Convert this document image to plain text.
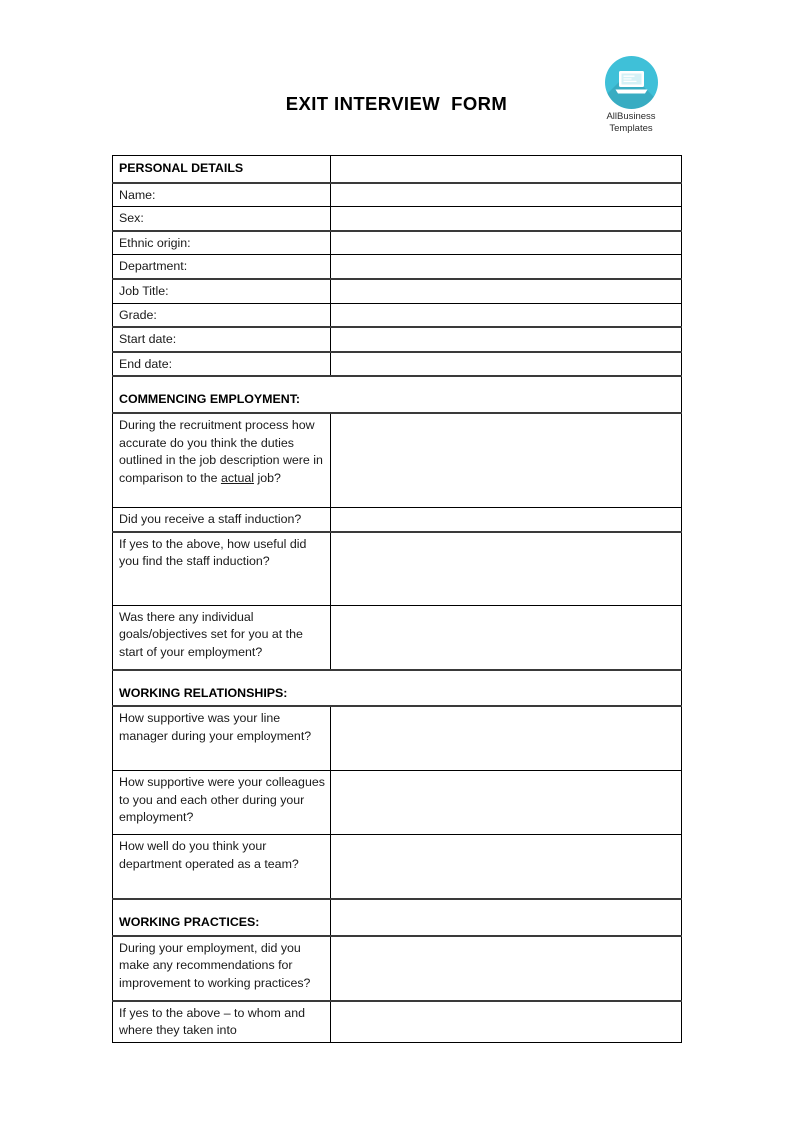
EXIT INTERVIEW  FORM
AllBusiness
Templates
PERSONAL DETAILS	
Name:	
Sex:	
Ethnic origin:	
Department:	
Job Title:	
Grade:	
Start date:	
End date:	
COMMENCING EMPLOYMENT:	
During the recruitment process how accurate do you think the duties outlined in the job description were in comparison to the actual job?	
Did you receive a staff induction?	
If yes to the above, how useful did you find the staff induction?	
Was there any individual goals/objectives set for you at the start of your employment?	
WORKING RELATIONSHIPS:	
How supportive was your line manager during your employment?	
How supportive were your colleagues to you and each other during your employment?	
How well do you think your department operated as a team?	
WORKING PRACTICES:	
During your employment, did you make any recommendations for improvement to working practices?	
If yes to the above – to whom and where they taken into	
